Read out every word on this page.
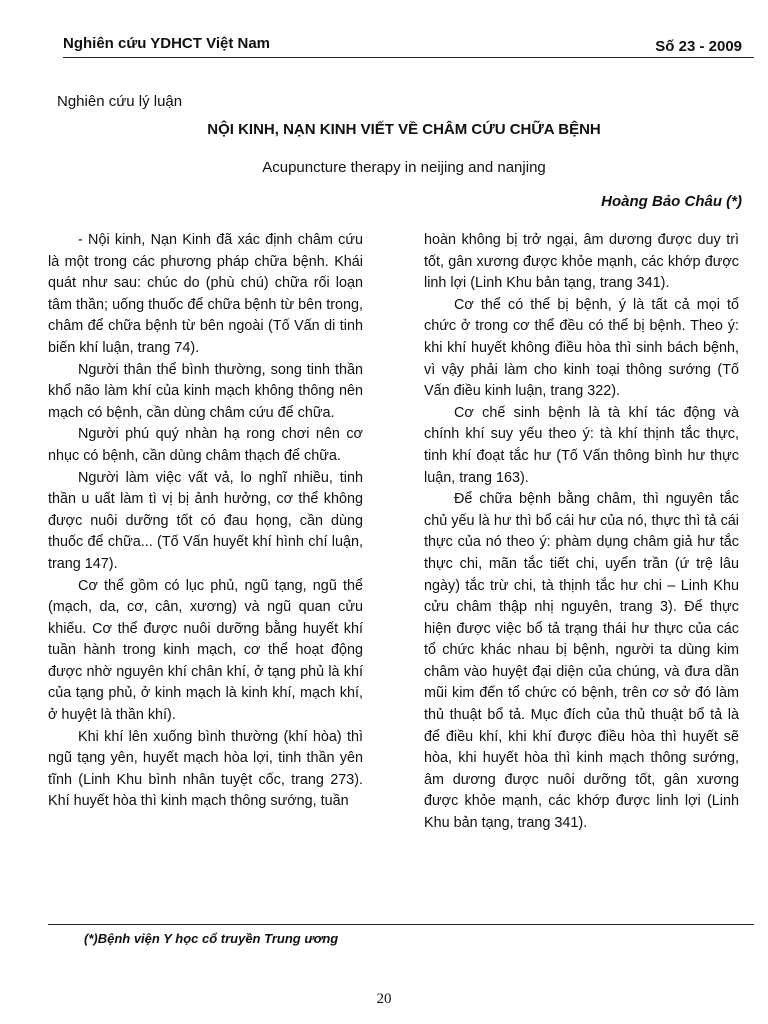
Nghiên cứu YDHCT Việt Nam	Số 23 - 2009
Nghiên cứu lý luận
NỘI KINH, NẠN KINH VIẾT VỀ CHÂM CỨU CHỮA BỆNH
Acupuncture therapy in neijing and nanjing
Hoàng Bảo Châu (*)

- Nội kinh, Nạn Kinh đã xác định châm cứu là một trong các phương pháp chữa bệnh. Khái quát như sau: chúc do (phù chú) chữa rối loạn tâm thần; uống thuốc để chữa bệnh từ bên trong, châm để chữa bệnh từ bên ngoài (Tố Vấn di tinh biến khí luận, trang 74).

Người thân thể bình thường, song tinh thần khổ não làm khí của kinh mạch không thông nên mạch có bệnh, cần dùng châm cứu để chữa.

Người phú quý nhàn hạ rong chơi nên cơ nhục có bệnh, cần dùng châm thạch để chữa.

Người làm việc vất vả, lo nghĩ nhiều, tinh thần u uất làm tì vị bị ảnh hưởng, cơ thể không được nuôi dưỡng tốt có đau họng, cần dùng thuốc để chữa... (Tố Vấn huyết khí hình chí luận, trang 147).

Cơ thể gồm có lục phủ, ngũ tạng, ngũ thể (mạch, da, cơ, cân, xương) và ngũ quan cửu khiếu. Cơ thể được nuôi dưỡng bằng huyết khí tuần hành trong kinh mạch, cơ thể hoạt động được nhờ nguyên khí chân khí, ở tạng phủ là khí của tạng phủ, ở kinh mạch là kinh khí, mạch khí, ở huyệt là thần khí).

Khi khí lên xuống bình thường (khí hòa) thì ngũ tạng yên, huyết mạch hòa lợi, tinh thần yên tĩnh (Linh Khu bình nhân tuyệt cốc, trang 273). Khí huyết hòa thì kinh mạch thông sướng, tuần

hoàn không bị trở ngại, âm dương được duy trì tốt, gân xương được khỏe mạnh, các khớp được linh lợi (Linh Khu bản tạng, trang 341).

Cơ thể có thể bị bệnh, ý là tất cả mọi tổ chức ở trong cơ thể đều có thể bị bệnh. Theo ý: khi khí huyết không điều hòa thì sinh bách bệnh, vì vậy phải làm cho kinh toại thông sướng (Tố Vấn điều kinh luận, trang 322).

Cơ chế sinh bệnh là tà khí tác động và chính khí suy yếu theo ý: tà khí thịnh tắc thực, tinh khí đoạt tắc hư (Tố Vấn thông bình hư thực luận, trang 163).

Để chữa bệnh bằng châm, thì nguyên tắc chủ yếu là hư thì bổ cái hư của nó, thực thì tả cái thực của nó theo ý: phàm dụng châm giả hư tắc thực chi, mãn tắc tiết chi, uyển trần (ứ trệ lâu ngày) tắc trừ chi, tà thịnh tắc hư chi – Linh Khu cửu châm thập nhị nguyên, trang 3). Để thực hiện được việc bổ tả trạng thái hư thực của các tổ chức khác nhau bị bệnh, người ta dùng kim châm vào huyệt đại diện của chúng, và đưa dần mũi kim đến tổ chức có bệnh, trên cơ sở đó làm thủ thuật bổ tả. Mục đích của thủ thuật bổ tả là để điều khí, khi khí được điều hòa thì huyết sẽ hòa, khi huyết hòa thì kinh mạch thông sướng, âm dương được nuôi dưỡng tốt, gân xương được khỏe mạnh, các khớp được linh lợi (Linh Khu bản tạng, trang 341).

(*)Bệnh viện Y học cổ truyền Trung ương
20
